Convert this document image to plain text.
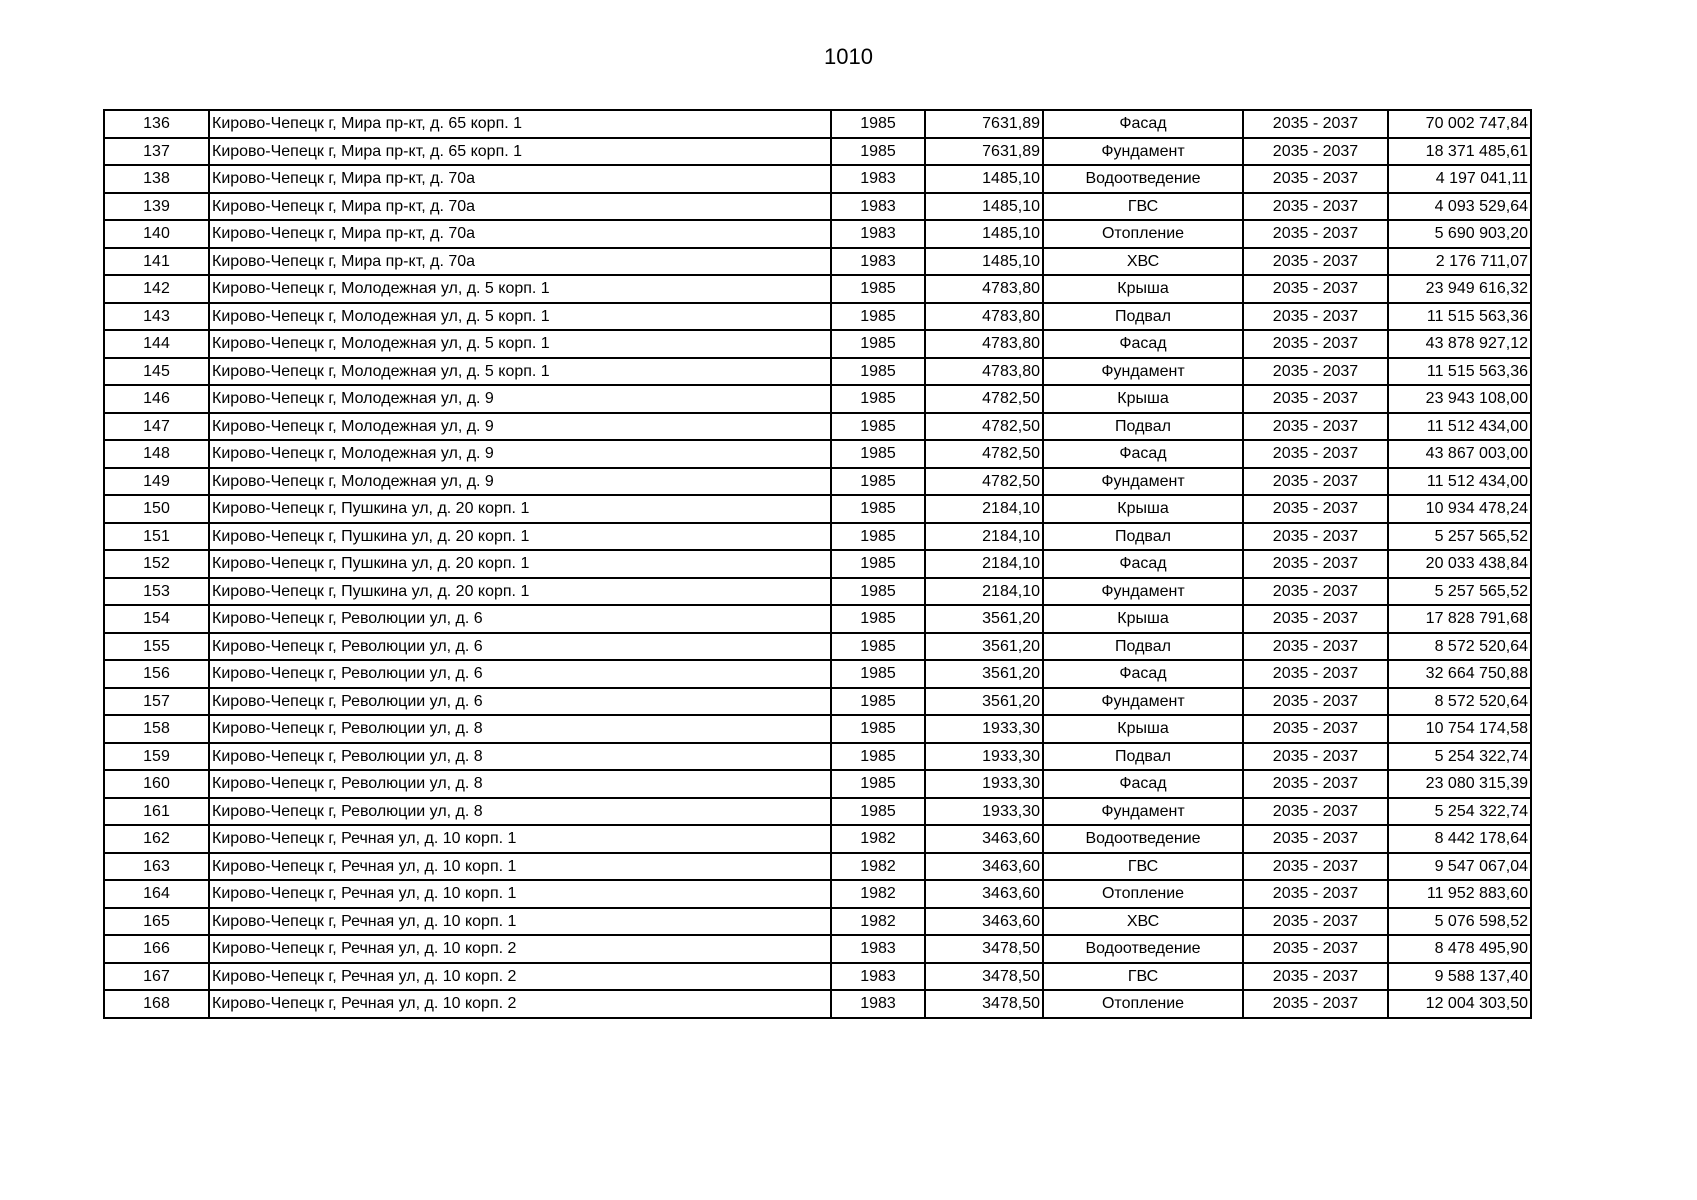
1010
136	Кирово-Чепецк г, Мира пр-кт, д. 65 корп. 1	1985	7631,89	Фасад	2035 - 2037	70 002 747,84
137	Кирово-Чепецк г, Мира пр-кт, д. 65 корп. 1	1985	7631,89	Фундамент	2035 - 2037	18 371 485,61
138	Кирово-Чепецк г, Мира пр-кт, д. 70а	1983	1485,10	Водоотведение	2035 - 2037	4 197 041,11
139	Кирово-Чепецк г, Мира пр-кт, д. 70а	1983	1485,10	ГВС	2035 - 2037	4 093 529,64
140	Кирово-Чепецк г, Мира пр-кт, д. 70а	1983	1485,10	Отопление	2035 - 2037	5 690 903,20
141	Кирово-Чепецк г, Мира пр-кт, д. 70а	1983	1485,10	ХВС	2035 - 2037	2 176 711,07
142	Кирово-Чепецк г, Молодежная ул, д. 5 корп. 1	1985	4783,80	Крыша	2035 - 2037	23 949 616,32
143	Кирово-Чепецк г, Молодежная ул, д. 5 корп. 1	1985	4783,80	Подвал	2035 - 2037	11 515 563,36
144	Кирово-Чепецк г, Молодежная ул, д. 5 корп. 1	1985	4783,80	Фасад	2035 - 2037	43 878 927,12
145	Кирово-Чепецк г, Молодежная ул, д. 5 корп. 1	1985	4783,80	Фундамент	2035 - 2037	11 515 563,36
146	Кирово-Чепецк г, Молодежная ул, д. 9	1985	4782,50	Крыша	2035 - 2037	23 943 108,00
147	Кирово-Чепецк г, Молодежная ул, д. 9	1985	4782,50	Подвал	2035 - 2037	11 512 434,00
148	Кирово-Чепецк г, Молодежная ул, д. 9	1985	4782,50	Фасад	2035 - 2037	43 867 003,00
149	Кирово-Чепецк г, Молодежная ул, д. 9	1985	4782,50	Фундамент	2035 - 2037	11 512 434,00
150	Кирово-Чепецк г, Пушкина ул, д. 20 корп. 1	1985	2184,10	Крыша	2035 - 2037	10 934 478,24
151	Кирово-Чепецк г, Пушкина ул, д. 20 корп. 1	1985	2184,10	Подвал	2035 - 2037	5 257 565,52
152	Кирово-Чепецк г, Пушкина ул, д. 20 корп. 1	1985	2184,10	Фасад	2035 - 2037	20 033 438,84
153	Кирово-Чепецк г, Пушкина ул, д. 20 корп. 1	1985	2184,10	Фундамент	2035 - 2037	5 257 565,52
154	Кирово-Чепецк г, Революции ул, д. 6	1985	3561,20	Крыша	2035 - 2037	17 828 791,68
155	Кирово-Чепецк г, Революции ул, д. 6	1985	3561,20	Подвал	2035 - 2037	8 572 520,64
156	Кирово-Чепецк г, Революции ул, д. 6	1985	3561,20	Фасад	2035 - 2037	32 664 750,88
157	Кирово-Чепецк г, Революции ул, д. 6	1985	3561,20	Фундамент	2035 - 2037	8 572 520,64
158	Кирово-Чепецк г, Революции ул, д. 8	1985	1933,30	Крыша	2035 - 2037	10 754 174,58
159	Кирово-Чепецк г, Революции ул, д. 8	1985	1933,30	Подвал	2035 - 2037	5 254 322,74
160	Кирово-Чепецк г, Революции ул, д. 8	1985	1933,30	Фасад	2035 - 2037	23 080 315,39
161	Кирово-Чепецк г, Революции ул, д. 8	1985	1933,30	Фундамент	2035 - 2037	5 254 322,74
162	Кирово-Чепецк г, Речная ул, д. 10 корп. 1	1982	3463,60	Водоотведение	2035 - 2037	8 442 178,64
163	Кирово-Чепецк г, Речная ул, д. 10 корп. 1	1982	3463,60	ГВС	2035 - 2037	9 547 067,04
164	Кирово-Чепецк г, Речная ул, д. 10 корп. 1	1982	3463,60	Отопление	2035 - 2037	11 952 883,60
165	Кирово-Чепецк г, Речная ул, д. 10 корп. 1	1982	3463,60	ХВС	2035 - 2037	5 076 598,52
166	Кирово-Чепецк г, Речная ул, д. 10 корп. 2	1983	3478,50	Водоотведение	2035 - 2037	8 478 495,90
167	Кирово-Чепецк г, Речная ул, д. 10 корп. 2	1983	3478,50	ГВС	2035 - 2037	9 588 137,40
168	Кирово-Чепецк г, Речная ул, д. 10 корп. 2	1983	3478,50	Отопление	2035 - 2037	12 004 303,50
